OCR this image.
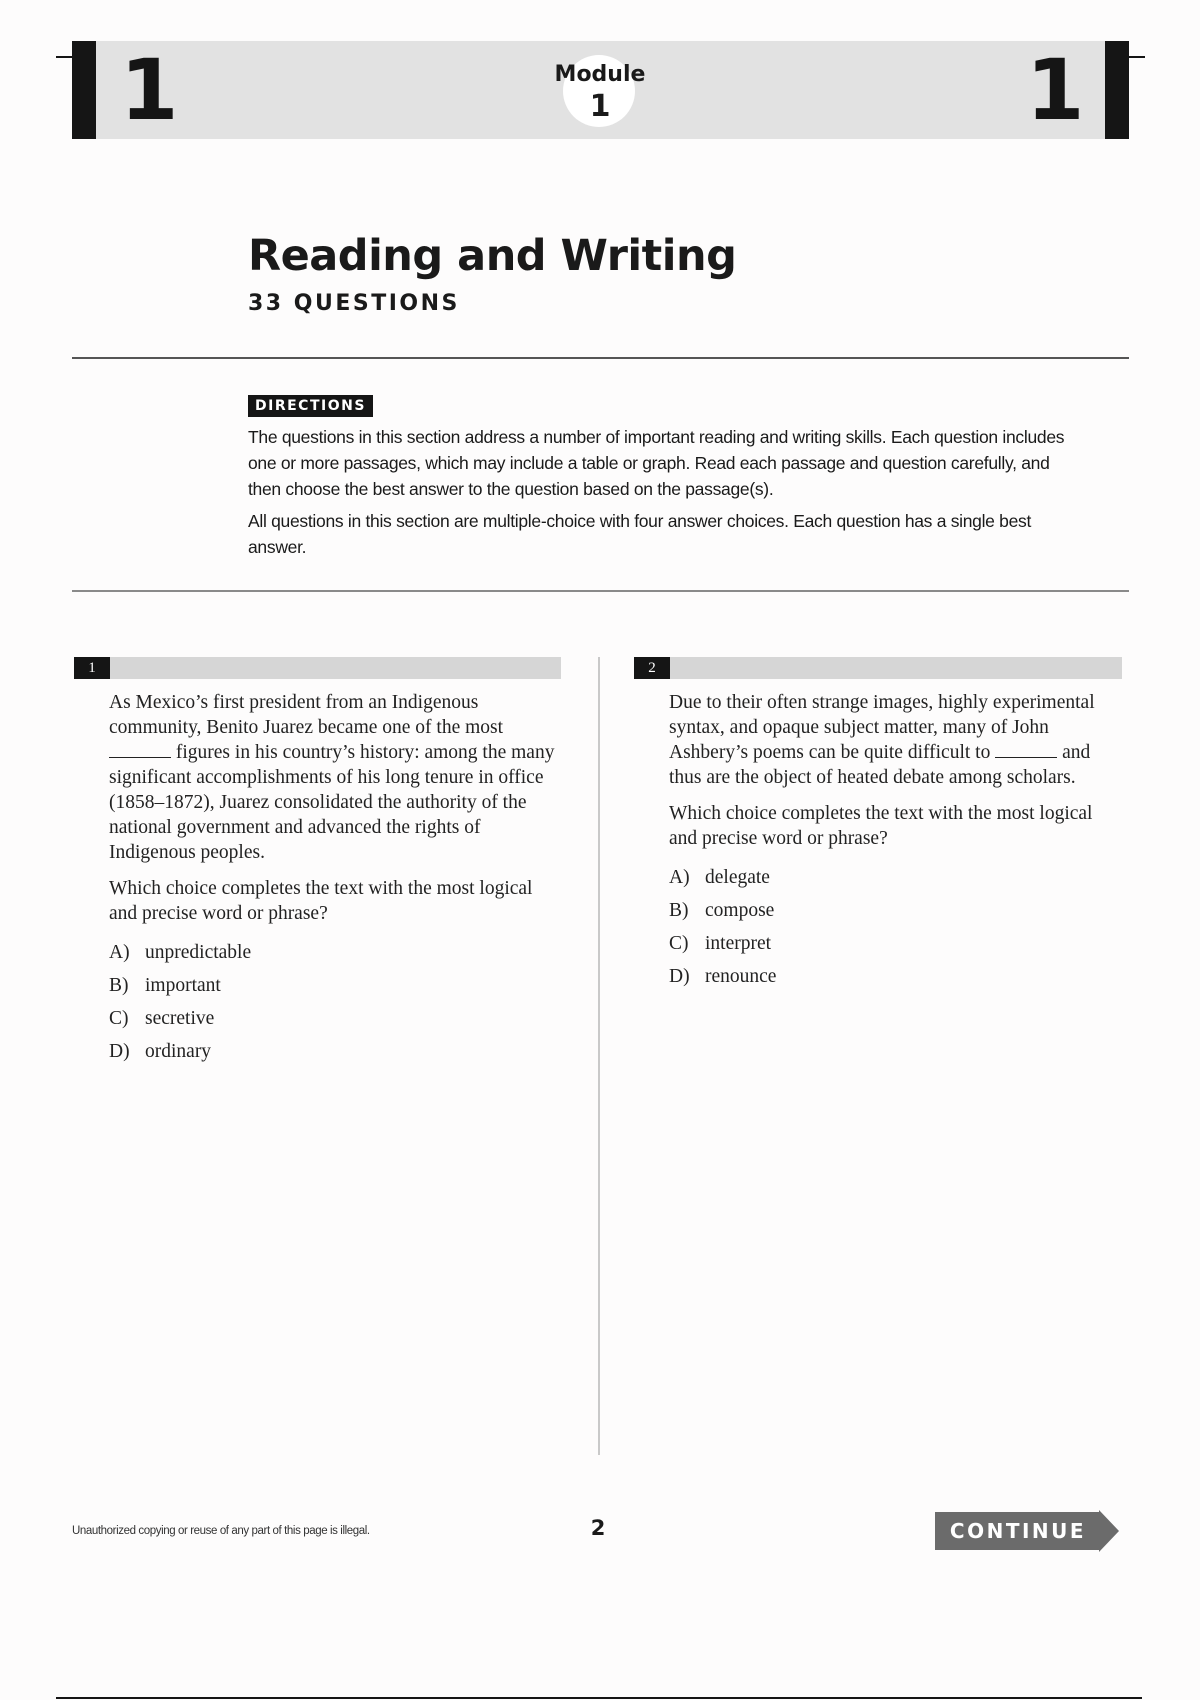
1	1
Module
1
Reading and Writing
33 QUESTIONS
DIRECTIONS

The questions in this section address a number of important reading and writing skills. Each question includes one or more passages, which may include a table or graph. Read each passage and question carefully, and then choose the best answer to the question based on the passage(s).

All questions in this section are multiple-choice with four answer choices. Each question has a single best answer.

1

As Mexico’s first president from an Indigenous community, Benito Juarez became one of the most  figures in his country’s history: among the many significant accomplishments of his long tenure in office (1858–1872), Juarez consolidated the authority of the national government and advanced the rights of Indigenous peoples.

Which choice completes the text with the most logical and precise word or phrase?

A) unpredictable
B) important
C) secretive
D) ordinary
2

Due to their often strange images, highly experimental syntax, and opaque subject matter, many of John Ashbery’s poems can be quite difficult to	and thus are the object of heated debate among scholars.

Which choice completes the text with the most logical and precise word or phrase?

A) delegate
B) compose
C) interpret
D) renounce
Unauthorized copying or reuse of any part of this page is illegal.	2	CONTINUE
